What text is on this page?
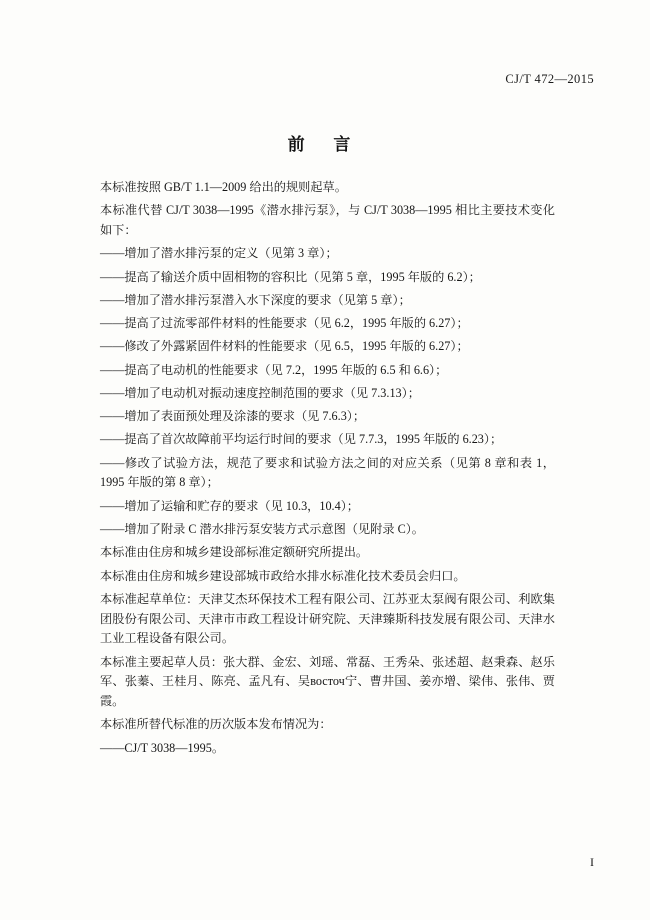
CJ/T 472—2015
前 言

本标准按照 GB/T 1.1—2009 给出的规则起草。

本标准代替 CJ/T 3038—1995《潜水排污泵》，与 CJ/T 3038—1995 相比主要技术变化如下：

——增加了潜水排污泵的定义（见第 3 章）；

——提高了输送介质中固相物的容积比（见第 5 章，1995 年版的 6.2）；

——增加了潜水排污泵潜入水下深度的要求（见第 5 章）；

——提高了过流零部件材料的性能要求（见 6.2，1995 年版的 6.27）；

——修改了外露紧固件材料的性能要求（见 6.5，1995 年版的 6.27）；

——提高了电动机的性能要求（见 7.2，1995 年版的 6.5 和 6.6）；

——增加了电动机对振动速度控制范围的要求（见 7.3.13）；

——增加了表面预处理及涂漆的要求（见 7.6.3）；

——提高了首次故障前平均运行时间的要求（见 7.7.3，1995 年版的 6.23）；

——修改了试验方法，规范了要求和试验方法之间的对应关系（见第 8 章和表 1，1995 年版的第 8 章）；

——增加了运输和贮存的要求（见 10.3，10.4）；

——增加了附录 C 潜水排污泵安装方式示意图（见附录 C）。

本标准由住房和城乡建设部标准定额研究所提出。

本标准由住房和城乡建设部城市政给水排水标准化技术委员会归口。

本标准起草单位：天津艾杰环保技术工程有限公司、江苏亚太泵阀有限公司、利欧集团股份有限公司、天津市市政工程设计研究院、天津臻斯科技发展有限公司、天津水工业工程设备有限公司。

本标准主要起草人员：张大群、金宏、刘瑶、常磊、王秀朵、张述超、赵秉森、赵乐军、张蓁、王桂月、陈亮、孟凡有、吴восточ宁、曹井国、姜亦增、梁伟、张伟、贾霞。

本标准所替代标准的历次版本发布情况为：

——CJ/T 3038—1995。

I
